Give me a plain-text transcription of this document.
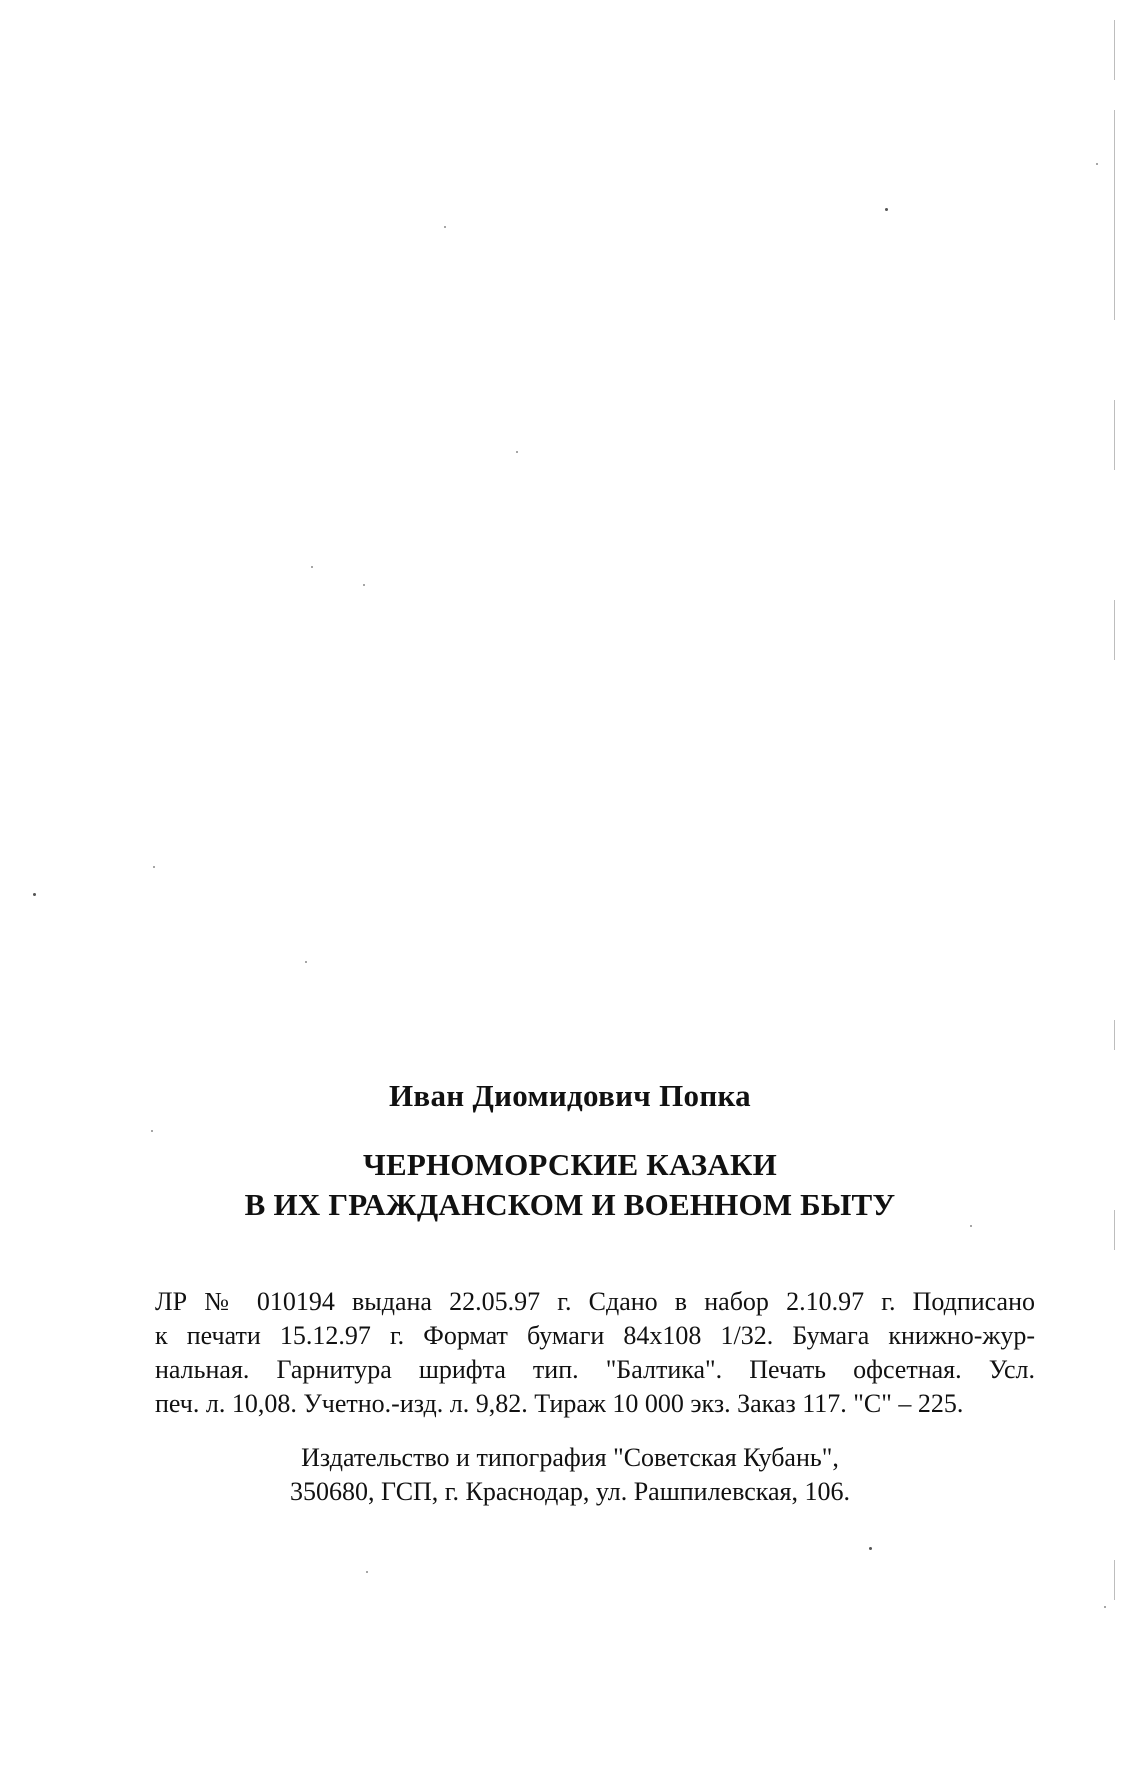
Иван Диомидович Попка
ЧЕРНОМОРСКИЕ КАЗАКИ
В ИХ ГРАЖДАНСКОМ И ВОЕННОМ БЫТУ
ЛР № 010194 выдана 22.05.97 г. Сдано в набор 2.10.97 г. Подписано
к печати 15.12.97 г. Формат бумаги 84х108 1/32. Бумага книжно-жур-
нальная. Гарнитура шрифта тип. "Балтика". Печать офсетная. Усл.
печ. л. 10,08. Учетно.-изд. л. 9,82. Тираж 10 000 экз. Заказ 117. "С" – 225.
Издательство и типография "Советская Кубань",
350680, ГСП, г. Краснодар, ул. Рашпилевская, 106.
